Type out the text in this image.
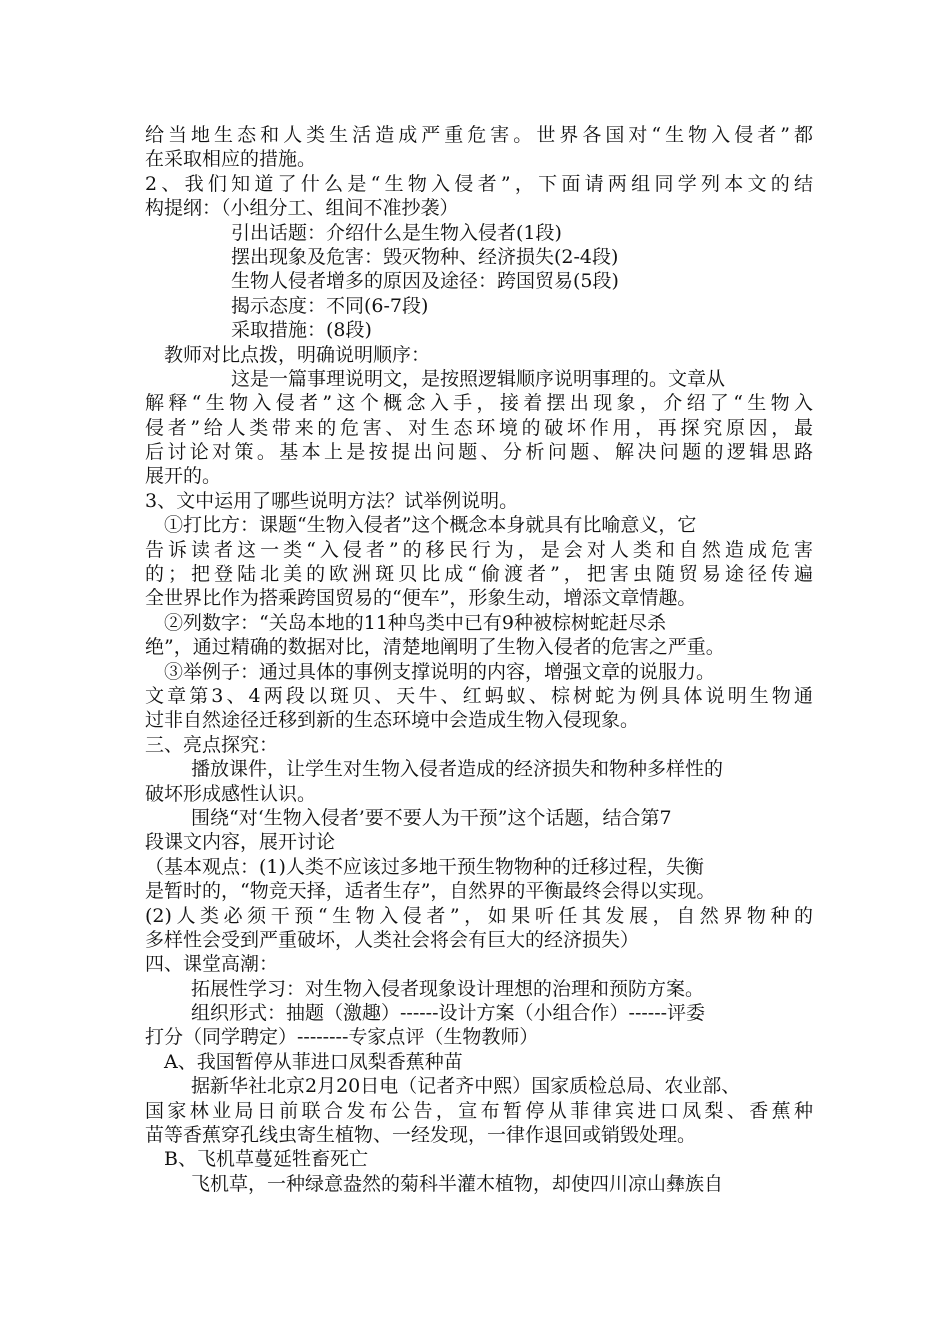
给当地生态和人类生活造成严重危害。世界各国对“生物入侵者”都
在采取相应的措施。
2、我们知道了什么是“生物入侵者”，下面请两组同学列本文的结
构提纲：（小组分工、组间不准抄袭）
引出话题：介绍什么是生物入侵者(1段)
摆出现象及危害：毁灭物种、经济损失(2-4段)
生物人侵者增多的原因及途径：跨国贸易(5段)
揭示态度：不同(6-7段)
采取措施：(8段)
教师对比点拨，明确说明顺序：
这是一篇事理说明文，是按照逻辑顺序说明事理的。文章从
解释“生物入侵者”这个概念入手，接着摆出现象，介绍了“生物入
侵者”给人类带来的危害、对生态环境的破坏作用，再探究原因，最
后讨论对策。基本上是按提出问题、分析问题、解决问题的逻辑思路
展开的。
3、文中运用了哪些说明方法？试举例说明。
①打比方：课题“生物入侵者”这个概念本身就具有比喻意义，它
告诉读者这一类“入侵者”的移民行为，是会对人类和自然造成危害
的；把登陆北美的欧洲斑贝比成“偷渡者”，把害虫随贸易途径传遍
全世界比作为搭乘跨国贸易的“便车”，形象生动，增添文章情趣。
②列数字：“关岛本地的11种鸟类中已有9种被棕树蛇赶尽杀
绝”，通过精确的数据对比，清楚地阐明了生物入侵者的危害之严重。
③举例子：通过具体的事例支撑说明的内容，增强文章的说服力。
文章第3、4两段以斑贝、天牛、红蚂蚁、棕树蛇为例具体说明生物通
过非自然途径迁移到新的生态环境中会造成生物入侵现象。
三、亮点探究：
播放课件，让学生对生物入侵者造成的经济损失和物种多样性的
破坏形成感性认识。
围绕“对‘生物入侵者’要不要人为干预”这个话题，结合第7
段课文内容，展开讨论
（基本观点：(1)人类不应该过多地干预生物物种的迁移过程，失衡
是暂时的，“物竞天择，适者生存”，自然界的平衡最终会得以实现。
(2)人类必须干预“生物入侵者”，如果听任其发展，自然界物种的
多样性会受到严重破坏，人类社会将会有巨大的经济损失）
四、课堂高潮：
拓展性学习：对生物入侵者现象设计理想的治理和预防方案。
组织形式：抽题（激趣）------设计方案（小组合作）------评委
打分（同学聘定）--------专家点评（生物教师）
A、我国暂停从菲进口凤梨香蕉种苗
据新华社北京2月20日电（记者齐中熙）国家质检总局、农业部、
国家林业局日前联合发布公告，宣布暂停从菲律宾进口凤梨、香蕉种
苗等香蕉穿孔线虫寄生植物、一经发现，一律作退回或销毁处理。
B、飞机草蔓延牲畜死亡
飞机草，一种绿意盎然的菊科半灌木植物，却使四川凉山彝族自
